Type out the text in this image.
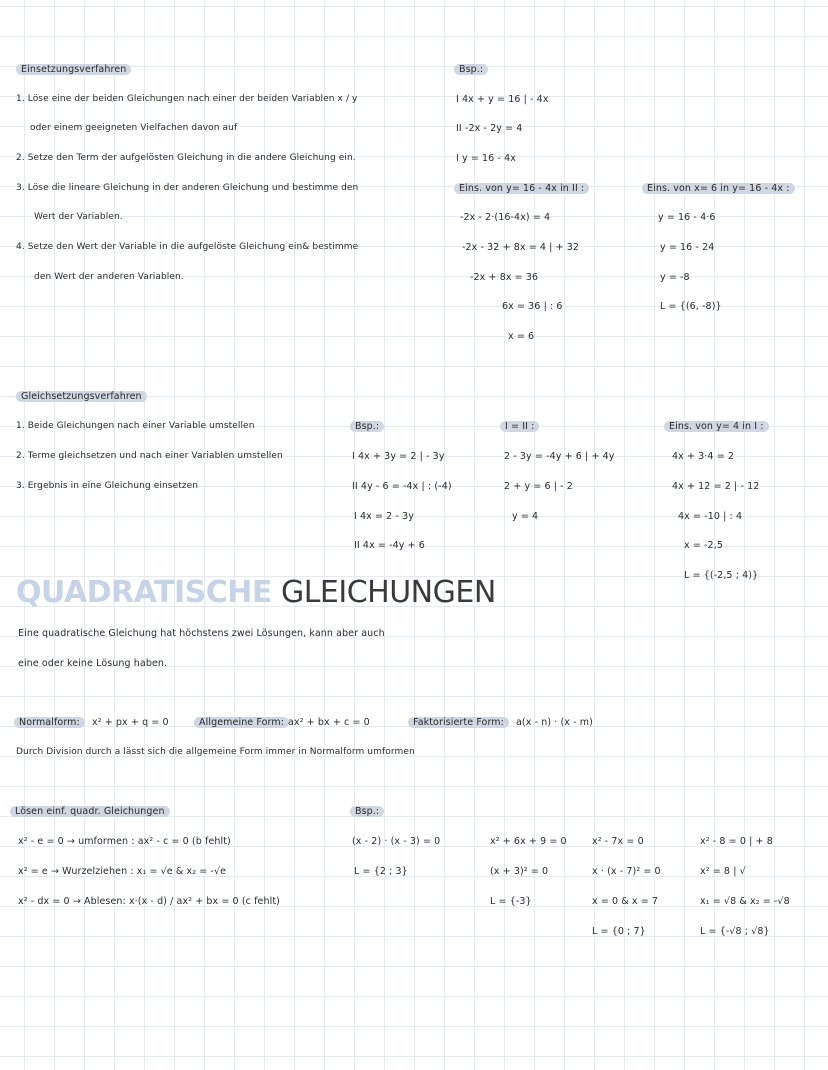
Einsetzungsverfahren
1. Löse eine der beiden Gleichungen nach einer der beiden Variablen x / y
oder einem geeigneten Vielfachen davon auf
2. Setze den Term der aufgelösten Gleichung in die andere Gleichung ein.
3. Löse die lineare Gleichung in der anderen Gleichung und bestimme den
Wert der Variablen.
4. Setze den Wert der Variable in die aufgelöste Gleichung ein& bestimme
den Wert der anderen Variablen.
Bsp.:
I 4x + y = 16 | - 4x
II -2x - 2y = 4
I y = 16 - 4x
Eins. von y= 16 - 4x in II :
-2x - 2·(16-4x) = 4
-2x - 32 + 8x = 4 | + 32
-2x + 8x = 36
6x = 36 | : 6
x = 6
Eins. von x= 6 in y= 16 - 4x :
y = 16 - 4·6
y = 16 - 24
y = -8
L = {(6, -8)}
Gleichsetzungsverfahren
1. Beide Gleichungen nach einer Variable umstellen
2. Terme gleichsetzen und nach einer Variablen umstellen
3. Ergebnis in eine Gleichung einsetzen
Bsp.:
I 4x + 3y = 2 | - 3y
II 4y - 6 = -4x | : (-4)
I 4x = 2 - 3y
II 4x = -4y + 6
I = II :
2 - 3y = -4y + 6 | + 4y
2 + y = 6 | - 2
y = 4
Eins. von y= 4 in I :
4x + 3·4 = 2
4x + 12 = 2 | - 12
4x = -10 | : 4
x = -2,5
L = {(-2,5 ; 4)}
QUADRATISCHE GLEICHUNGEN
Eine quadratische Gleichung hat höchstens zwei Lösungen, kann aber auch
eine oder keine Lösung haben.
Normalform:	x² + px + q = 0	Allgemeine Form: ax² + bx + c = 0	Faktorisierte Form:	a(x - n) · (x - m)
Durch Division durch a lässt sich die allgemeine Form immer in Normalform umformen
Lösen einf. quadr. Gleichungen
x² - e = 0 → umformen : ax² - c = 0 (b fehlt)
x² = e → Wurzelziehen : x₁ = √e & x₂ = -√e
x² - dx = 0 → Ablesen: x·(x - d) / ax² + bx = 0 (c fehlt)
Bsp.:
(x - 2) · (x - 3) = 0
L = {2 ; 3}
x² + 6x + 9 = 0
(x + 3)² = 0
L = {-3}
x² - 7x = 0
x · (x - 7)² = 0
x = 0 & x = 7
L = {0 ; 7}
x² - 8 = 0 | + 8
x² = 8 | √
x₁ = √8 & x₂ = -√8
L = {-√8 ; √8}
